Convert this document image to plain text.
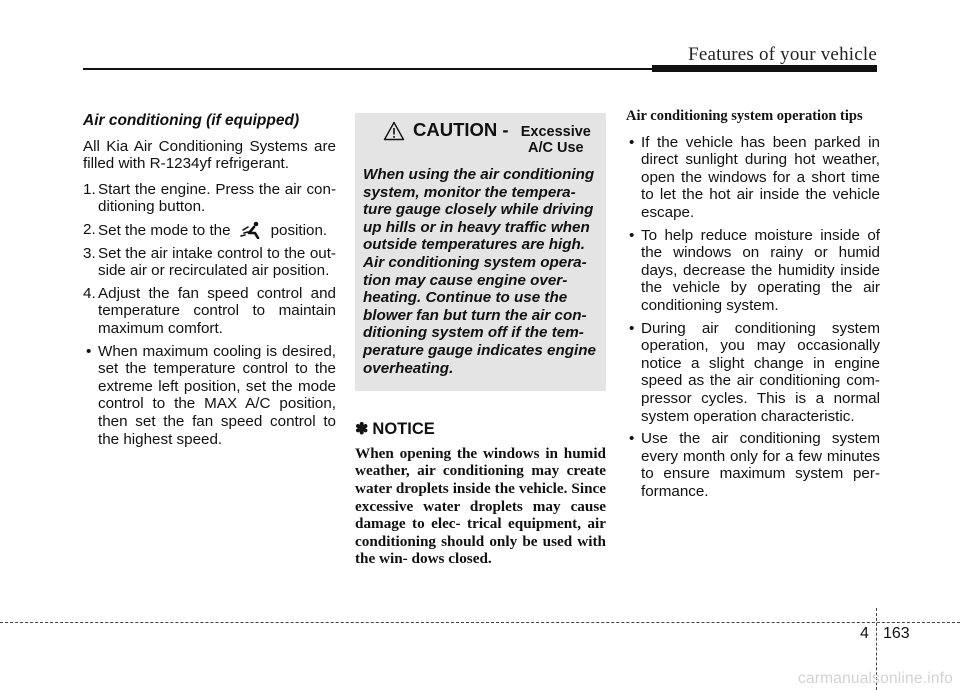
Features of your vehicle
Air conditioning (if equipped)

All Kia Air Conditioning Systems are filled with R-1234yf refrigerant.

1. Start the engine. Press the air con- ditioning button.
2. Set the mode to the	position.
3. Set the air intake control to the out- side air or recirculated air position.
4. Adjust the fan speed control and temperature control to maintain maximum comfort.
• When maximum cooling is desired, set the temperature control to the extreme left position, set the mode control to the MAX A/C position, then set the fan speed control to the highest speed.
CAUTION - Excessive A/C Use
When using the air conditioning system, monitor the tempera- ture gauge closely while driving up hills or in heavy traffic when outside temperatures are high. Air conditioning system opera- tion may cause engine over- heating. Continue to use the blower fan but turn the air con- ditioning system off if the tem- perature gauge indicates engine overheating.
✽ NOTICE
When opening the windows in humid weather, air conditioning may create water droplets inside the vehicle. Since excessive water droplets may cause damage to elec- trical equipment, air conditioning should only be used with the win- dows closed.
Air conditioning system operation tips
• If the vehicle has been parked in direct sunlight during hot weather, open the windows for a short time to let the hot air inside the vehicle escape.
• To help reduce moisture inside of the windows on rainy or humid days, decrease the humidity inside the vehicle by operating the air conditioning system.
• During air conditioning system operation, you may occasionally notice a slight change in engine speed as the air conditioning com- pressor cycles. This is a normal system operation characteristic.
• Use the air conditioning system every month only for a few minutes to ensure maximum system per- formance.
4 163
carmanualsonline.info
